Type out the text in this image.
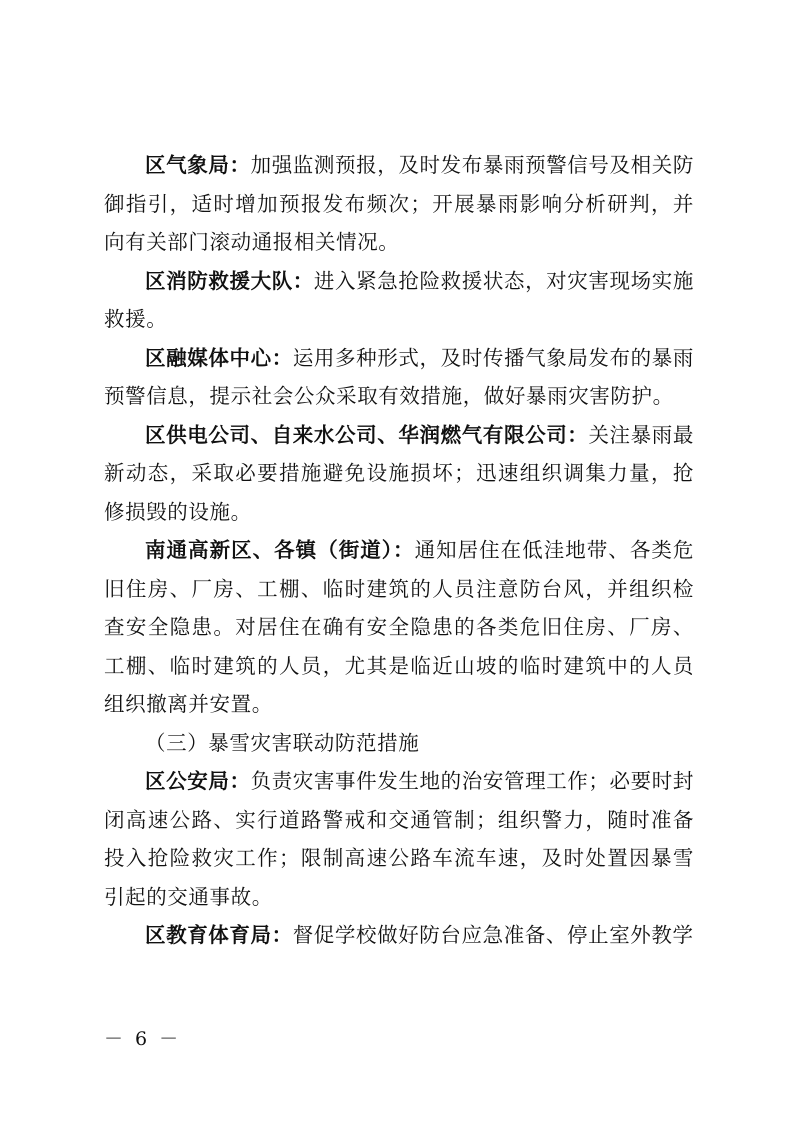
区气象局：加强监测预报，及时发布暴雨预警信号及相关防御指引，适时增加预报发布频次；开展暴雨影响分析研判，并向有关部门滚动通报相关情况。

区消防救援大队：进入紧急抢险救援状态，对灾害现场实施救援。

区融媒体中心：运用多种形式，及时传播气象局发布的暴雨预警信息，提示社会公众采取有效措施，做好暴雨灾害防护。

区供电公司、自来水公司、华润燃气有限公司：关注暴雨最新动态，采取必要措施避免设施损坏；迅速组织调集力量，抢修损毁的设施。

南通高新区、各镇（街道）：通知居住在低洼地带、各类危旧住房、厂房、工棚、临时建筑的人员注意防台风，并组织检查安全隐患。对居住在确有安全隐患的各类危旧住房、厂房、工棚、临时建筑的人员，尤其是临近山坡的临时建筑中的人员组织撤离并安置。

（三）暴雪灾害联动防范措施

区公安局：负责灾害事件发生地的治安管理工作；必要时封闭高速公路、实行道路警戒和交通管制；组织警力，随时准备投入抢险救灾工作；限制高速公路车流车速，及时处置因暴雪引起的交通事故。

区教育体育局：督促学校做好防台应急准备、停止室外教学

－ 6 －
